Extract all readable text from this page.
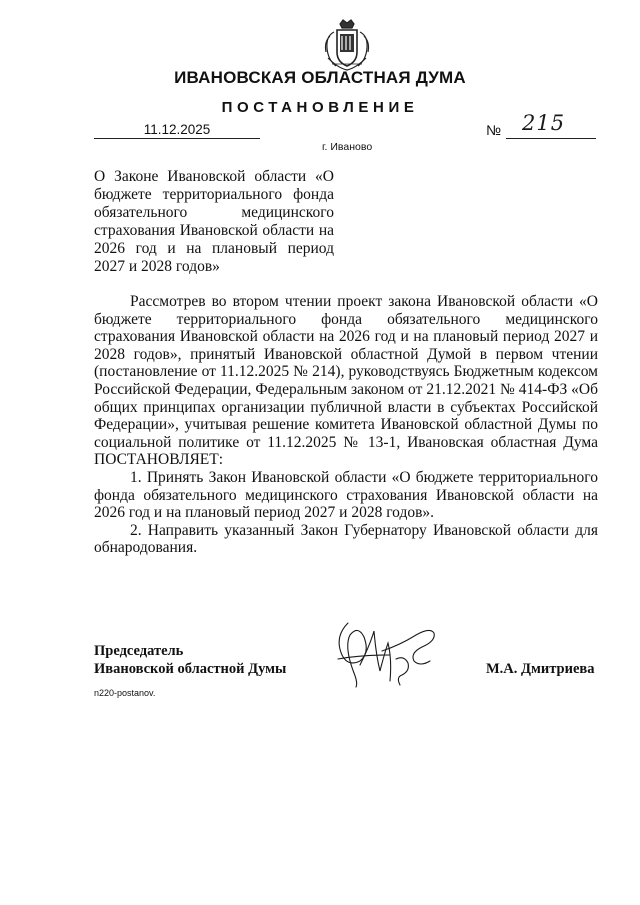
ИВАНОВСКАЯ ОБЛАСТНАЯ ДУМА
ПОСТАНОВЛЕНИЕ
11.12.2025	№ 215
г. Иваново

О Законе Ивановской области «О бюджете территориального фонда обязательного медицинского страхования Ивановской области на 2026 год и на плановый период 2027 и 2028 годов»

Рассмотрев во втором чтении проект закона Ивановской области «О бюджете территориального фонда обязательного медицинского страхования Ивановской области на 2026 год и на плановый период 2027 и 2028 годов», принятый Ивановской областной Думой в первом чтении (постановление от 11.12.2025 № 214), руководствуясь Бюджетным кодексом Российской Федерации, Федеральным законом от 21.12.2021 № 414-ФЗ «Об общих принципах организации публичной власти в субъектах Российской Федерации», учитывая решение комитета Ивановской областной Думы по социальной политике от 11.12.2025 № 13-1, Ивановская областная Дума ПОСТАНОВЛЯЕТ:

1. Принять Закон Ивановской области «О бюджете территориального фонда обязательного медицинского страхования Ивановской области на 2026 год и на плановый период 2027 и 2028 годов».

2. Направить указанный Закон Губернатору Ивановской области для обнародования.

Председатель
Ивановской областной Думы	М.А. Дмитриева
n220-postanov.
